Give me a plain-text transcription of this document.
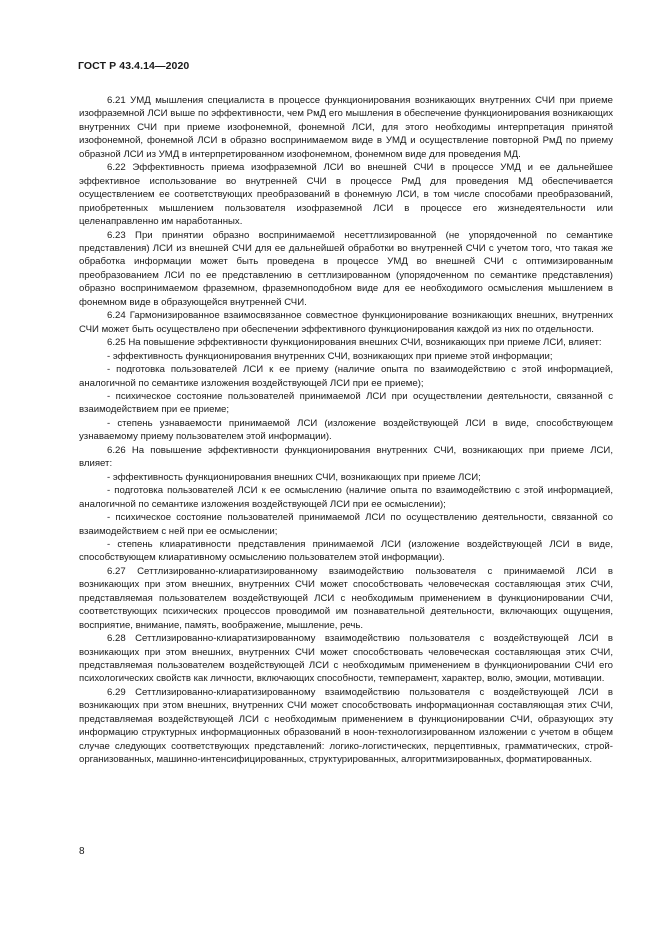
ГОСТ Р 43.4.14—2020

6.21 УМД мышления специалиста в процессе функционирования возникающих внутренних СЧИ при приеме изофраземной ЛСИ выше по эффективности, чем РмД его мышления в обеспечение функционирования возникающих внутренних СЧИ при приеме изофонемной, фонемной ЛСИ, для этого необходимы интерпретация принятой изофонемной, фонемной ЛСИ в образно воспринимаемом виде в УМД и осуществление повторной РмД по приему образной ЛСИ из УМД в интерпретированном изофонемном, фонемном виде для проведения МД.

6.22 Эффективность приема изофраземной ЛСИ во внешней СЧИ в процессе УМД и ее дальнейшее эффективное использование во внутренней СЧИ в процессе РмД для проведения МД обеспечивается осуществлением ее соответствующих преобразований в фонемную ЛСИ, в том числе способами преобразований, приобретенных мышлением пользователя изофраземной ЛСИ в процессе его жизнедеятельности или целенаправленно им наработанных.

6.23 При принятии образно воспринимаемой несеттлизированной (не упорядоченной по семантике представления) ЛСИ из внешней СЧИ для ее дальнейшей обработки во внутренней СЧИ с учетом того, что такая же обработка информации может быть проведена в процессе УМД во внешней СЧИ с оптимизированным преобразованием ЛСИ по ее представлению в сеттлизированном (упорядоченном по семантике представления) образно воспринимаемом фраземном, фраземноподобном виде для ее необходимого осмысления мышлением в фонемном виде в образующейся внутренней СЧИ.

6.24 Гармонизированное взаимосвязанное совместное функционирование возникающих внешних, внутренних СЧИ может быть осуществлено при обеспечении эффективного функционирования каждой из них по отдельности.

6.25 На повышение эффективности функционирования внешних СЧИ, возникающих при приеме ЛСИ, влияет:

- эффективность функционирования внутренних СЧИ, возникающих при приеме этой информации;

- подготовка пользователей ЛСИ к ее приему (наличие опыта по взаимодействию с этой информацией, аналогичной по семантике изложения воздействующей ЛСИ при ее приеме);

- психическое состояние пользователей принимаемой ЛСИ при осуществлении деятельности, связанной с взаимодействием при ее приеме;

- степень узнаваемости принимаемой ЛСИ (изложение воздействующей ЛСИ в виде, способствующем узнаваемому приему пользователем этой информации).

6.26 На повышение эффективности функционирования внутренних СЧИ, возникающих при приеме ЛСИ, влияет:

- эффективность функционирования внешних СЧИ, возникающих при приеме ЛСИ;

- подготовка пользователей ЛСИ к ее осмыслению (наличие опыта по взаимодействию с этой информацией, аналогичной по семантике изложения воздействующей ЛСИ при ее осмыслении);

- психическое состояние пользователей принимаемой ЛСИ по осуществлению деятельности, связанной со взаимодействием с ней при ее осмыслении;

- степень клиаративности представления принимаемой ЛСИ (изложение воздействующей ЛСИ в виде, способствующем клиаративному осмыслению пользователем этой информации).

6.27 Сеттлизированно-клиаратизированному взаимодействию пользователя с принимаемой ЛСИ в возникающих при этом внешних, внутренних СЧИ может способствовать человеческая составляющая этих СЧИ, представляемая пользователем воздействующей ЛСИ с необходимым применением в функционировании СЧИ, соответствующих психических процессов проводимой им познавательной деятельности, включающих ощущения, восприятие, внимание, память, воображение, мышление, речь.

6.28 Сеттлизированно-клиаратизированному взаимодействию пользователя с воздействующей ЛСИ в возникающих при этом внешних, внутренних СЧИ может способствовать человеческая составляющая этих СЧИ, представляемая пользователем воздействующей ЛСИ с необходимым применением в функционировании СЧИ его психологических свойств как личности, включающих способности, темперамент, характер, волю, эмоции, мотивации.

6.29 Сеттлизированно-клиаратизированному взаимодействию пользователя с воздействующей ЛСИ в возникающих при этом внешних, внутренних СЧИ может способствовать информационная составляющая этих СЧИ, представляемая воздействующей ЛСИ с необходимым применением в функционировании СЧИ, образующих эту информацию структурных информационных образований в ноон-технологизированном изложении с учетом в общем случае следующих соответствующих представлений: логико-логистических, перцептивных, грамматических, строй-организованных, машинно-интенсифицированных, структурированных, алгоритмизированных, форматированных.

8
